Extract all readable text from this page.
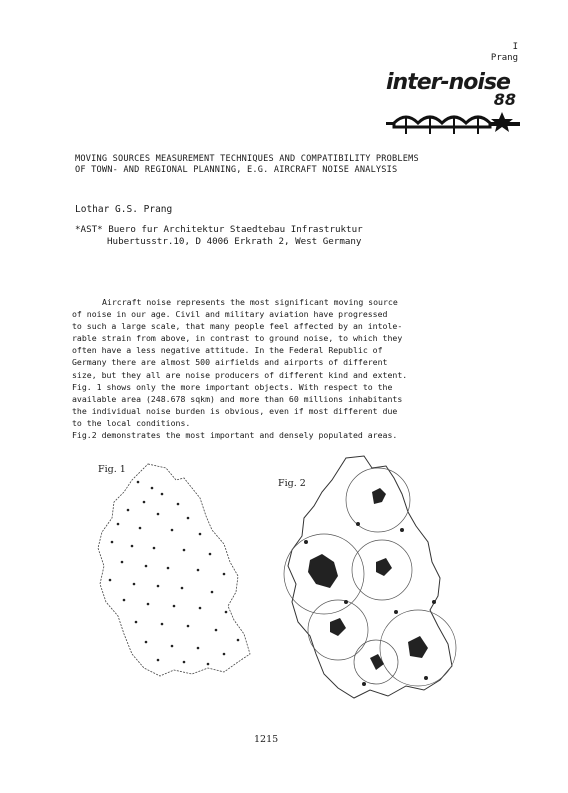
I
Prang
inter-noise
88
MOVING SOURCES MEASUREMENT TECHNIQUES AND COMPATIBILITY PROBLEMS
OF TOWN- AND REGIONAL PLANNING, E.G. AIRCRAFT NOISE ANALYSIS
Lothar G.S. Prang
*AST* Buero fur Architektur Staedtebau Infrastruktur
Hubertusstr.10, D 4006 Erkrath 2, West Germany
Aircraft noise represents the most significant moving source
of noise in our age. Civil and military aviation have progressed
to such a large scale, that many people feel affected by an intole-
rable strain from above, in contrast to ground noise, to which they
often have a less negative attitude. In the Federal Republic of
Germany there are almost 500 airfields and airports of different
size, but they all are noise producers of different kind and extent.
Fig. 1 shows only the more important objects. With respect to the
available area (248.678 sqkm) and more than 60 millions inhabitants
the individual noise burden is obvious, even if most different due
to the local conditions.
Fig.2 demonstrates the most important and densely populated areas.
Fig. 1
Fig. 2
1215
